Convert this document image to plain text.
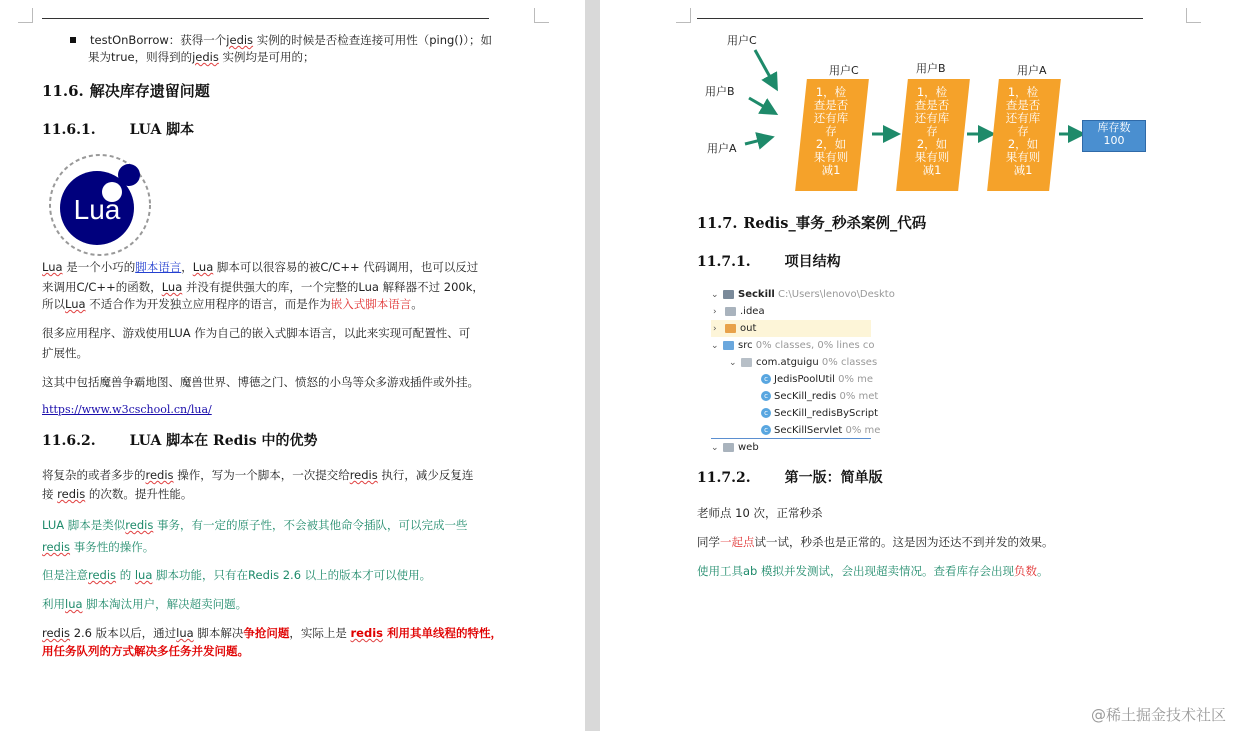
testOnBorrow：获得一个jedis 实例的时候是否检查连接可用性（ping()）；如
果为true，则得到的jedis 实例均是可用的；
11.6. 解决库存遗留问题
11.6.1. LUA 脚本
Lua
Lua 是一个小巧的脚本语言，Lua 脚本可以很容易的被C/C++ 代码调用，也可以反过
来调用C/C++的函数，Lua 并没有提供强大的库，一个完整的Lua 解释器不过 200k，
所以Lua 不适合作为开发独立应用程序的语言，而是作为嵌入式脚本语言。
很多应用程序、游戏使用LUA 作为自己的嵌入式脚本语言，以此来实现可配置性、可
扩展性。
这其中包括魔兽争霸地图、魔兽世界、博德之门、愤怒的小鸟等众多游戏插件或外挂。
https://www.w3cschool.cn/lua/
11.6.2. LUA 脚本在 Redis 中的优势
将复杂的或者多步的redis 操作，写为一个脚本，一次提交给redis 执行，减少反复连
接 redis 的次数。提升性能。
LUA 脚本是类似redis 事务，有一定的原子性，不会被其他命令插队，可以完成一些
redis 事务性的操作。
但是注意redis 的 lua 脚本功能，只有在Redis 2.6 以上的版本才可以使用。
利用lua 脚本淘汰用户，解决超卖问题。
redis 2.6 版本以后，通过lua 脚本解决争抢问题，实际上是 redis 利用其单线程的特性，
用任务队列的方式解决多任务并发问题。
用户C
用户B
用户A
用户C
1，检
查是否
还有库
存
2，如
果有则
减1
用户B
1，检
查是否
还有库
存
2，如
果有则
减1
用户A
1，检
查是否
还有库
存
2，如
果有则
减1
库存数
100
11.7. Redis_事务_秒杀案例_代码
11.7.1. 项目结构
⌄ Seckill C:\Users\lenovo\Deskto
› .idea
› out
⌄ src 0% classes, 0% lines co
⌄ com.atguigu 0% classes
c JedisPoolUtil 0% me
c SecKill_redis 0% met
c SecKill_redisByScript
c SecKillServlet 0% me
⌄ web
11.7.2. 第一版：简单版
老师点 10 次，正常秒杀
同学一起点试一试，秒杀也是正常的。这是因为还达不到并发的效果。
使用工具ab 模拟并发测试，会出现超卖情况。查看库存会出现负数。
@稀土掘金技术社区
